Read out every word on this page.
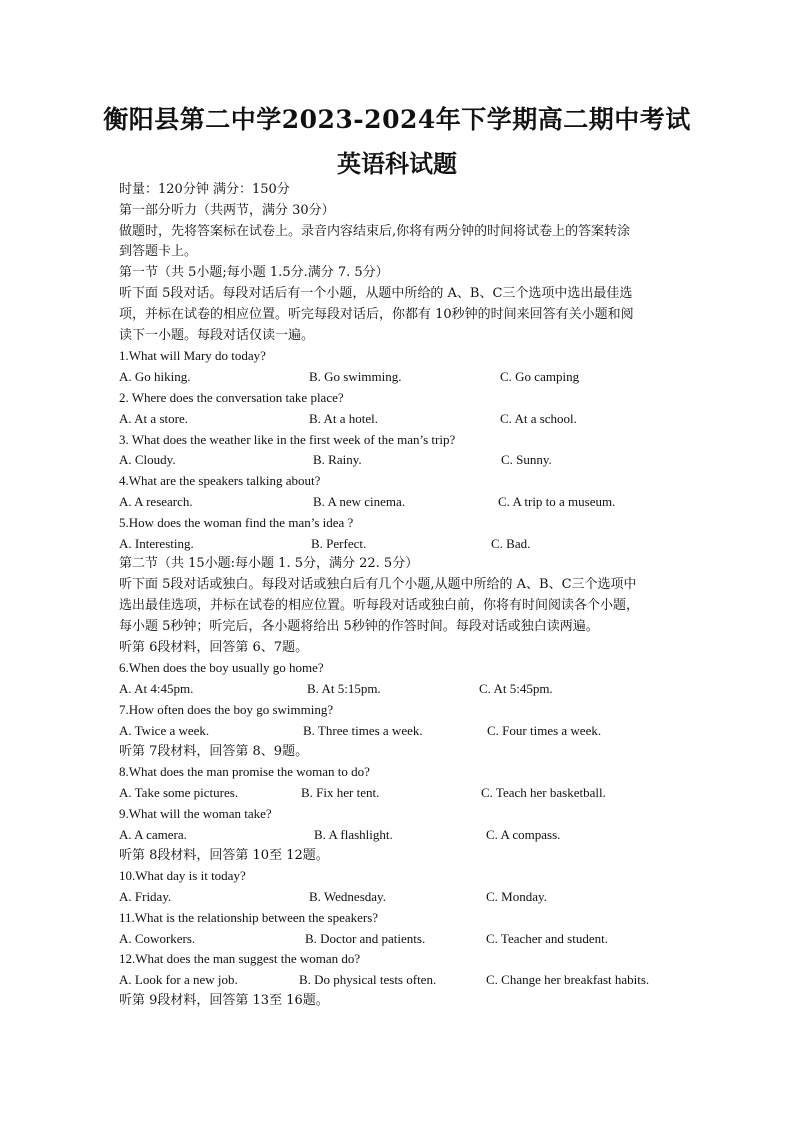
衡阳县第二中学2023-2024年下学期高二期中考试
英语科试题
时量：120分钟 满分：150分
第一部分听力（共两节，满分 30分）
做题时，先将答案标在试卷上。录音内容结束后,你将有两分钟的时间将试卷上的答案转涂
到答题卡上。
第一节（共 5小题;每小题 1.5分.满分 7. 5分）
听下面 5段对话。每段对话后有一个小题，从题中所给的 A、B、C三个选项中选出最佳选
项，并标在试卷的相应位置。听完每段对话后，你都有 10秒钟的时间来回答有关小题和阅
读下一小题。每段对话仅读一遍。
1.What will Mary do today?
A. Go hiking.	B. Go swimming.	C. Go camping
2. Where does the conversation take place?
A. At a store.	B. At a hotel.	C. At a school.
3. What does the weather like in the first week of the man’s trip?
A. Cloudy.	B. Rainy.	C. Sunny.
4.What are the speakers talking about?
A. A research.	B. A new cinema.	C. A trip to a museum.
5.How does the woman find the man’s idea ?
A. Interesting.	B. Perfect.	C. Bad.
第二节（共 15小题:每小题 1. 5分，满分 22. 5分）
听下面 5段对话或独白。每段对话或独白后有几个小题,从题中所给的 A、B、C三个选项中
选出最佳选项，并标在试卷的相应位置。听每段对话或独白前，你将有时间阅读各个小题，
每小题 5秒钟；听完后，各小题将给出 5秒钟的作答时间。每段对话或独白读两遍。
听第 6段材料，回答第 6、7题。
6.When does the boy usually go home?
A. At 4:45pm.	B. At 5:15pm.	C. At 5:45pm.
7.How often does the boy go swimming?
A. Twice a week.	B. Three times a week.	C. Four times a week.
听第 7段材料，回答第 8、9题。
8.What does the man promise the woman to do?
A. Take some pictures.	B. Fix her tent.	C. Teach her basketball.
9.What will the woman take?
A. A camera.	B. A flashlight.	C. A compass.
听第 8段材料，回答第 10至 12题。
10.What day is it today?
A. Friday.	B. Wednesday.	C. Monday.
11.What is the relationship between the speakers?
A. Coworkers.	B. Doctor and patients.	C. Teacher and student.
12.What does the man suggest the woman do?
A. Look for a new job.	B. Do physical tests often.	C. Change her breakfast habits.
听第 9段材料，回答第 13至 16题。
